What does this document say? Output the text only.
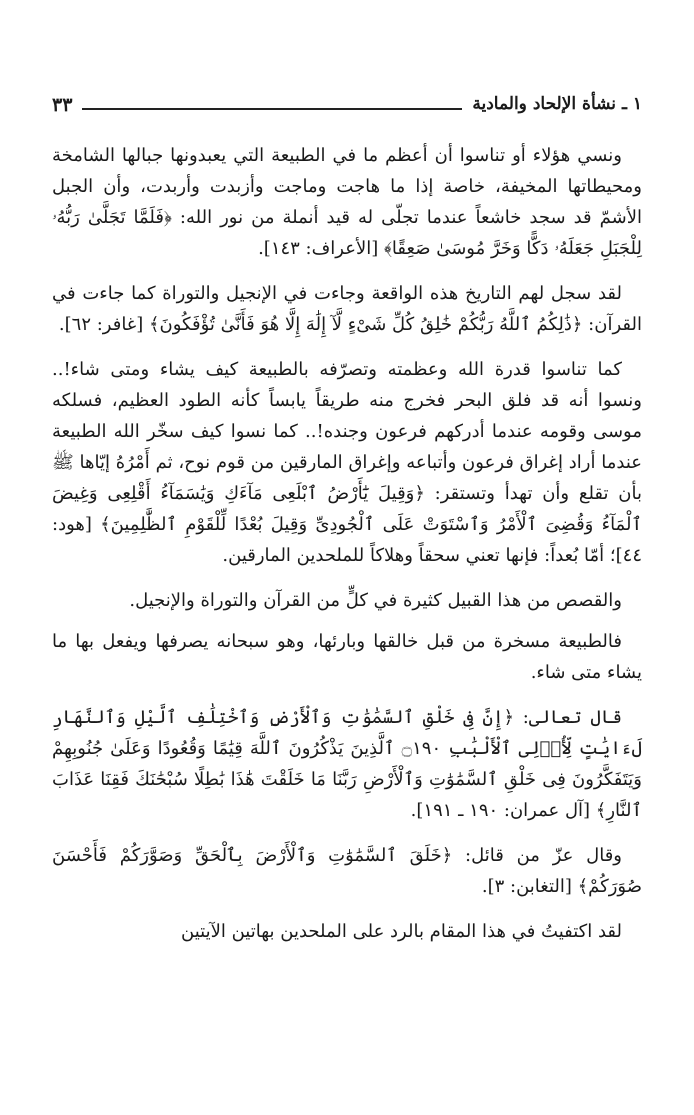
١ ـ نشأة الإلحاد والمادية
٣٣

ونسي هؤلاء أو تناسوا أن أعظم ما في الطبيعة التي يعبدونها جبالها الشامخة ومحيطاتها المخيفة، خاصة إذا ما هاجت وماجت وأزبدت وأربدت، وأن الجبل الأشمّ قد سجد خاشعاً عندما تجلّى له قيد أنملة من نور الله: ﴿فَلَمَّا تَجَلَّىٰ رَبُّهُۥ لِلْجَبَلِ جَعَلَهُۥ دَكًّا وَخَرَّ مُوسَىٰ صَعِقًا﴾ [الأعراف: ١٤٣].

لقد سجل لهم التاريخ هذه الواقعة وجاءت في الإنجيل والتوراة كما جاءت في القرآن: ﴿ذَٰلِكُمُ ٱللَّهُ رَبُّكُمْ خَٰلِقُ كُلِّ شَىْءٍ لَّآ إِلَٰهَ إِلَّا هُوَ فَأَنَّىٰ تُؤْفَكُونَ﴾ [غافر: ٦٢].

كما تناسوا قدرة الله وعظمته وتصرّفه بالطبيعة كيف يشاء ومتى شاء!.. ونسوا أنه قد فلق البحر فخرج منه طريقاً يابساً كأنه الطود العظيم، فسلكه موسى وقومه عندما أدركهم فرعون وجنده!.. كما نسوا كيف سخّر الله الطبيعة عندما أراد إغراق فرعون وأتباعه وإغراق المارقين من قوم نوح، ثم أَمْرُهُ إيّاها ﷺ بأن تقلع وأن تهدأ وتستقر: ﴿وَقِيلَ يَٰٓأَرْضُ ٱبْلَعِى مَآءَكِ وَيَٰسَمَآءُ أَقْلِعِى وَغِيضَ ٱلْمَآءُ وَقُضِىَ ٱلْأَمْرُ وَٱسْتَوَتْ عَلَى ٱلْجُودِىِّ وَقِيلَ بُعْدًا لِّلْقَوْمِ ٱلظَّٰلِمِينَ﴾ [هود: ٤٤]؛ أمّا بُعداً: فإنها تعني سحقاً وهلاكاً للملحدين المارقين.

والقصص من هذا القبيل كثيرة في كلٍّ من القرآن والتوراة والإنجيل.

فالطبيعة مسخرة من قبل خالقها وبارئها، وهو سبحانه يصرفها ويفعل بها ما يشاء متى شاء.

قال تعالى: ﴿إِنَّ فِى خَلْقِ ٱلسَّمَٰوَٰتِ وَٱلْأَرْضِ وَٱخْتِلَٰفِ ٱلَّيْلِ وَٱلنَّهَارِ لَءَايَٰتٍ لِّأُو۟لِى ٱلْأَلْبَٰبِ ۝١٩٠ ٱلَّذِينَ يَذْكُرُونَ ٱللَّهَ قِيَٰمًا وَقُعُودًا وَعَلَىٰ جُنُوبِهِمْ وَيَتَفَكَّرُونَ فِى خَلْقِ ٱلسَّمَٰوَٰتِ وَٱلْأَرْضِ رَبَّنَا مَا خَلَقْتَ هَٰذَا بَٰطِلًا سُبْحَٰنَكَ فَقِنَا عَذَابَ ٱلنَّارِ﴾ [آل عمران: ١٩٠ ـ ١٩١].

وقال عزّ من قائل: ﴿خَلَقَ ٱلسَّمَٰوَٰتِ وَٱلْأَرْضَ بِٱلْحَقِّ وَصَوَّرَكُمْ فَأَحْسَنَ صُوَرَكُمْ﴾ [التغابن: ٣].

لقد اكتفيتُ في هذا المقام بالرد على الملحدين بهاتين الآيتين
